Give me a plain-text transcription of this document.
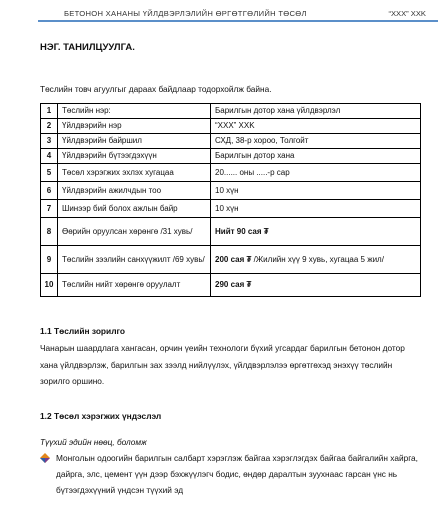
БЕТОНОН ХАНАНЫ ҮЙЛДВЭРЛЭЛИЙН ӨРГӨТГӨЛИЙН ТӨСӨЛ	“XXX” XXK
НЭГ. ТАНИЛЦУУЛГА.
Төслийн товч агуулгыг дараах байдлаар тодорхойлж байна.
1	Төслийн нэр:	Барилгын дотор хана үйлдвэрлэл
2	Үйлдвэрийн нэр	“XXX” XXK
3	Үйлдвэрийн байршил	СХД, 38-р хороо, Толгойт
4	Үйлдвэрийн бүтээгдэхүүн	Барилгын дотор хана
5	Төсөл хэрэгжих эхлэх хугацаа	20...... оны .....-р сар
6	Үйлдвэрийн ажилчдын тоо	10 хүн
7	Шинээр бий болох ажлын байр	10 хүн
8	Өөрийн оруулсан хөрөнгө /31 хувь/	Нийт 90 сая ₮
9	Төслийн зээлийн санхүүжилт /69 хувь/	200 сая ₮ /Жилийн хүү 9 хувь, хугацаа 5 жил/
10	Төслийн нийт хөрөнгө оруулалт	290 сая ₮
1.1 Төслийн зорилго
Чанарын шаардлага хангасан, орчин үеийн технологи бүхий угсардаг барилгын бетонон дотор хана үйлдвэрлэж, барилгын зах зээлд нийлүүлэх, үйлдвэрлэлээ өргөтгөхэд энэхүү төслийн зорилго оршино.
1.2 Төсөл хэрэгжих үндэслэл
Түүхий эдийн нөөц, боломж
Монголын одоогийн барилгын салбарт хэрэглэж байгаа хэрэглэгдэх байгаа байгалийн хайрга, дайрга, элс, цемент үүн дээр бэхжүүлэгч бодис, өндөр даралтын зуухнаас гарсан үнс нь бүтээгдэхүүний үндсэн түүхий эд
